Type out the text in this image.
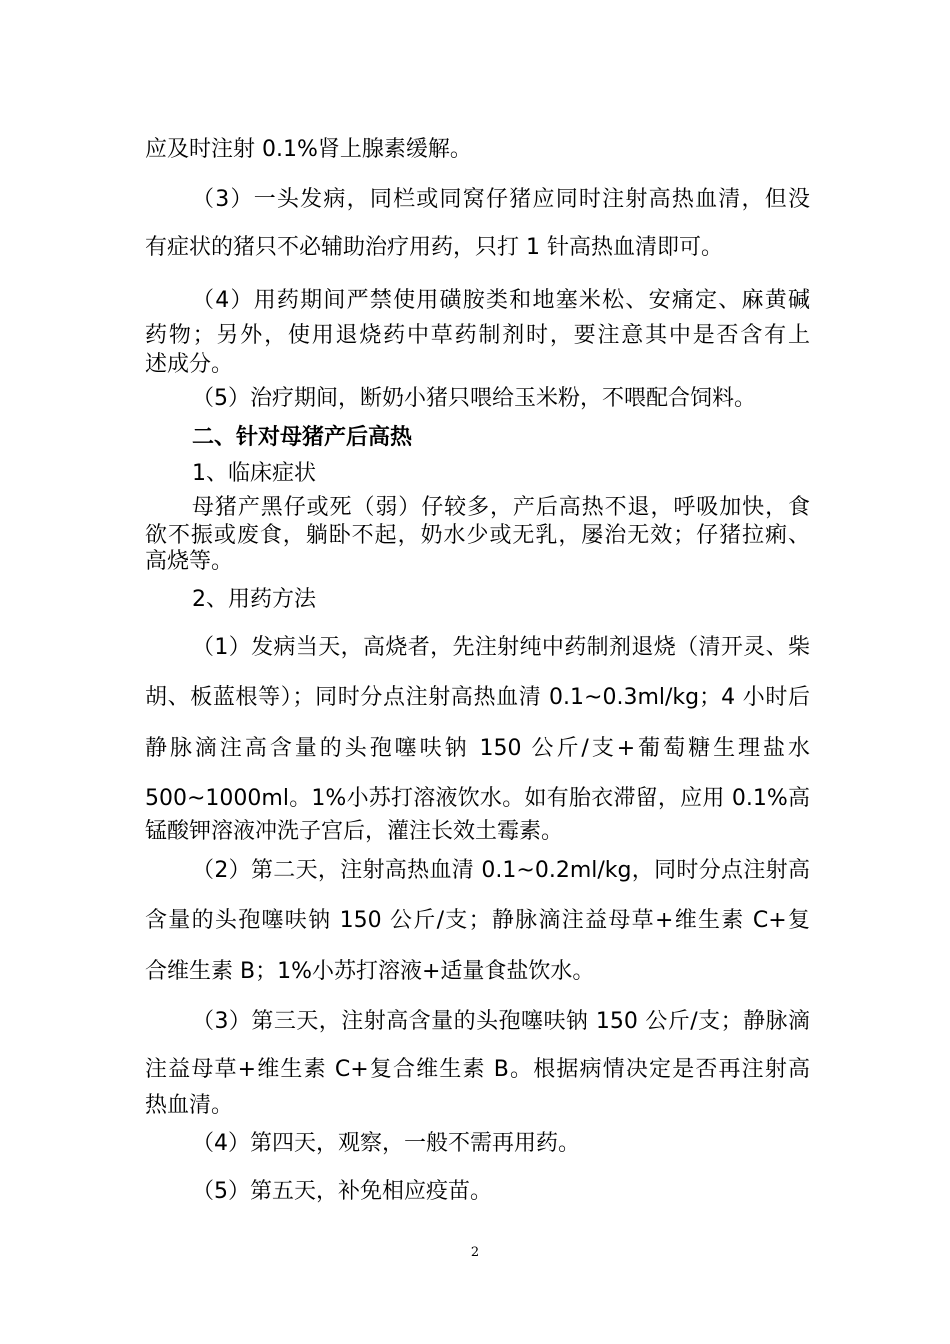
应及时注射 0.1%肾上腺素缓解。
（3）一头发病，同栏或同窝仔猪应同时注射高热血清，但没
有症状的猪只不必辅助治疗用药，只打 1 针高热血清即可。
（4）用药期间严禁使用磺胺类和地塞米松、安痛定、麻黄碱
药物；另外，使用退烧药中草药制剂时，要注意其中是否含有上
述成分。
（5）治疗期间，断奶小猪只喂给玉米粉，不喂配合饲料。
二、针对母猪产后高热
1、临床症状
母猪产黑仔或死（弱）仔较多，产后高热不退，呼吸加快，食
欲不振或废食，躺卧不起，奶水少或无乳，屡治无效；仔猪拉痢、
高烧等。
2、用药方法
（1）发病当天，高烧者，先注射纯中药制剂退烧（清开灵、柴
胡、板蓝根等）；同时分点注射高热血清 0.1~0.3ml/kg；4 小时后
静脉滴注高含量的头孢噻呋钠 150 公斤/支+葡萄糖生理盐水
500~1000ml。1%小苏打溶液饮水。如有胎衣滞留，应用 0.1%高
锰酸钾溶液冲洗子宫后，灌注长效土霉素。
（2）第二天，注射高热血清 0.1~0.2ml/kg，同时分点注射高
含量的头孢噻呋钠 150 公斤/支；静脉滴注益母草+维生素 C+复
合维生素 B；1%小苏打溶液+适量食盐饮水。
（3）第三天，注射高含量的头孢噻呋钠 150 公斤/支；静脉滴
注益母草+维生素 C+复合维生素 B。根据病情决定是否再注射高
热血清。
（4）第四天，观察，一般不需再用药。
（5）第五天，补免相应疫苗。
2
